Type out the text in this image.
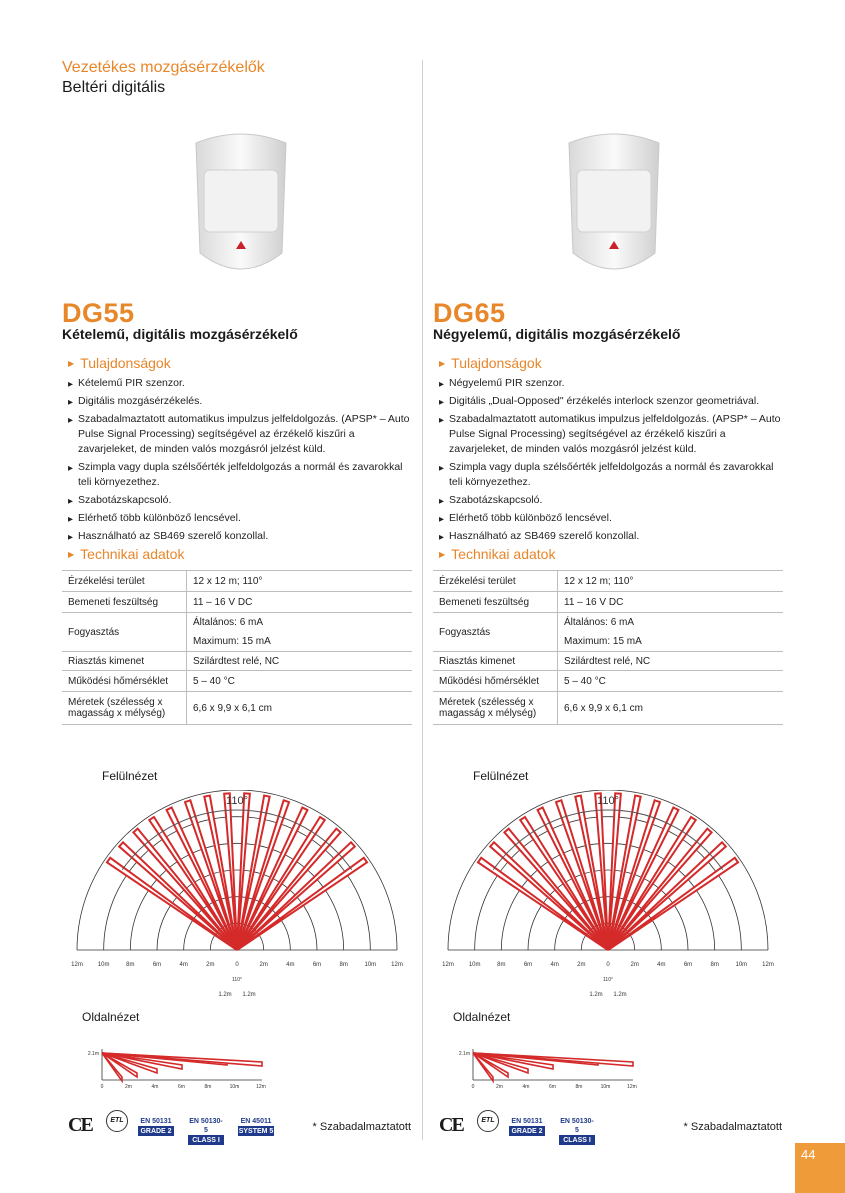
Vezetékes mozgásérzékelők
Beltéri digitális
DG55
Kételemű, digitális mozgásérzékelő
▶ Tulajdonságok
▶ Kételemű PIR szenzor.
▶ Digitális mozgásérzékelés.
▶ Szabadalmaztatott automatikus impulzus jelfeldolgozás. (APSP* – Auto Pulse Signal Processing) segítségével az érzékelő kiszűri a zavarjeleket, de minden valós mozgásról jelzést küld.
▶ Szimpla vagy dupla szélsőérték jelfeldolgozás a normál és zavarokkal teli környezethez.
▶ Szabotázskapcsoló.
▶ Elérhető több különböző lencsével.
▶ Használható az SB469 szerelő konzollal.
▶ Technikai adatok
Érzékelési terület	12 x 12 m; 110°

Bemeneti feszültség	11 – 16 V DC

Fogyasztás	Általános: 6 mA
Maximum: 15 mA

Riasztás kimenet	Szilárdtest relé, NC

Működési hőmérséklet	5 – 40 °C

Méretek (szélesség x magasság x mélység)	6,6 x 9,9 x 6,1 cm
Felülnézet
110°
12m 10m	8m	6m	4m	2m	0	2m	4m	6m	8m	10m 12m
110°
1.2m 1.2m
Oldalnézet
2.1m
0	2m	4m	6m	8m	10m	12m
CE	ETL	EN 50131
GRADE 2
EN 50130-5
CLASS I
EN 45011
SYSTEM 5	* Szabadalmaztatott
DG65
Négyelemű, digitális mozgásérzékelő
▶ Tulajdonságok
▶ Négyelemű PIR szenzor.
▶ Digitális „Dual-Opposed" érzékelés interlock szenzor geometriával.
▶ Szabadalmaztatott automatikus impulzus jelfeldolgozás. (APSP* – Auto Pulse Signal Processing) segítségével az érzékelő kiszűri a zavarjeleket, de minden valós mozgásról jelzést küld.
▶ Szimpla vagy dupla szélsőérték jelfeldolgozás a normál és zavarokkal teli környezethez.
▶ Szabotázskapcsoló.
▶ Elérhető több különböző lencsével.
▶ Használható az SB469 szerelő konzollal.
▶ Technikai adatok
Érzékelési terület	12 x 12 m; 110°

Bemeneti feszültség	11 – 16 V DC

Fogyasztás	Általános: 6 mA
Maximum: 15 mA

Riasztás kimenet	Szilárdtest relé, NC

Működési hőmérséklet	5 – 40 °C

Méretek (szélesség x magasság x mélység)	6,6 x 9,9 x 6,1 cm
Felülnézet
110°
12m 10m	8m	6m	4m	2m	0	2m	4m	6m	8m	10m 12m
110°
1.2m 1.2m
Oldalnézet
2.1m
0	2m	4m	6m	8m	10m	12m
CE	ETL	EN 50131
GRADE 2
EN 50130-5
CLASS I
* Szabadalmaztatott
44
